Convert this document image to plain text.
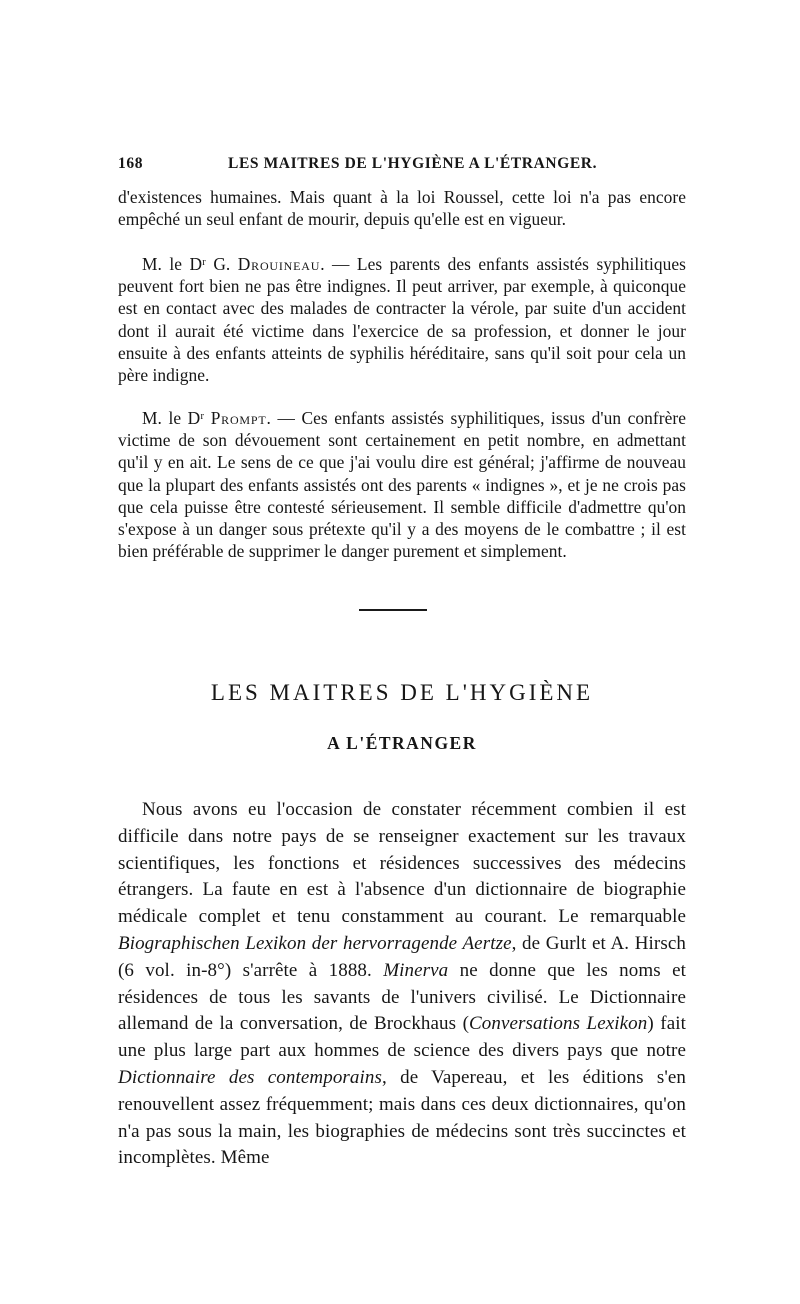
168	LES MAITRES DE L'HYGIÈNE A L'ÉTRANGER.

d'existences humaines. Mais quant à la loi Roussel, cette loi n'a pas encore empêché un seul enfant de mourir, depuis qu'elle est en vigueur.

M. le Dʳ G. Drouineau. — Les parents des enfants assistés syphilitiques peuvent fort bien ne pas être indignes. Il peut arriver, par exemple, à quiconque est en contact avec des malades de contracter la vérole, par suite d'un accident dont il aurait été victime dans l'exercice de sa profession, et donner le jour ensuite à des enfants atteints de syphilis héréditaire, sans qu'il soit pour cela un père indigne.

M. le Dʳ Prompt. — Ces enfants assistés syphilitiques, issus d'un confrère victime de son dévouement sont certainement en petit nombre, en admettant qu'il y en ait. Le sens de ce que j'ai voulu dire est général; j'affirme de nouveau que la plupart des enfants assistés ont des parents « indignes », et je ne crois pas que cela puisse être contesté sérieusement. Il semble difficile d'admettre qu'on s'expose à un danger sous prétexte qu'il y a des moyens de le combattre ; il est bien préférable de supprimer le danger purement et simplement.

LES MAITRES DE L'HYGIÈNE
A L'ÉTRANGER

Nous avons eu l'occasion de constater récemment combien il est difficile dans notre pays de se renseigner exactement sur les travaux scientifiques, les fonctions et résidences successives des médecins étrangers. La faute en est à l'absence d'un dictionnaire de biographie médicale complet et tenu constamment au courant. Le remarquable Biographischen Lexikon der hervorragende Aertze, de Gurlt et A. Hirsch (6 vol. in-8°) s'arrête à 1888. Minerva ne donne que les noms et résidences de tous les savants de l'univers civilisé. Le Dictionnaire allemand de la conversation, de Brockhaus (Conversations Lexikon) fait une plus large part aux hommes de science des divers pays que notre Dictionnaire des contemporains, de Vapereau, et les éditions s'en renouvellent assez fréquemment; mais dans ces deux dictionnaires, qu'on n'a pas sous la main, les biographies de médecins sont très succinctes et incomplètes. Même
